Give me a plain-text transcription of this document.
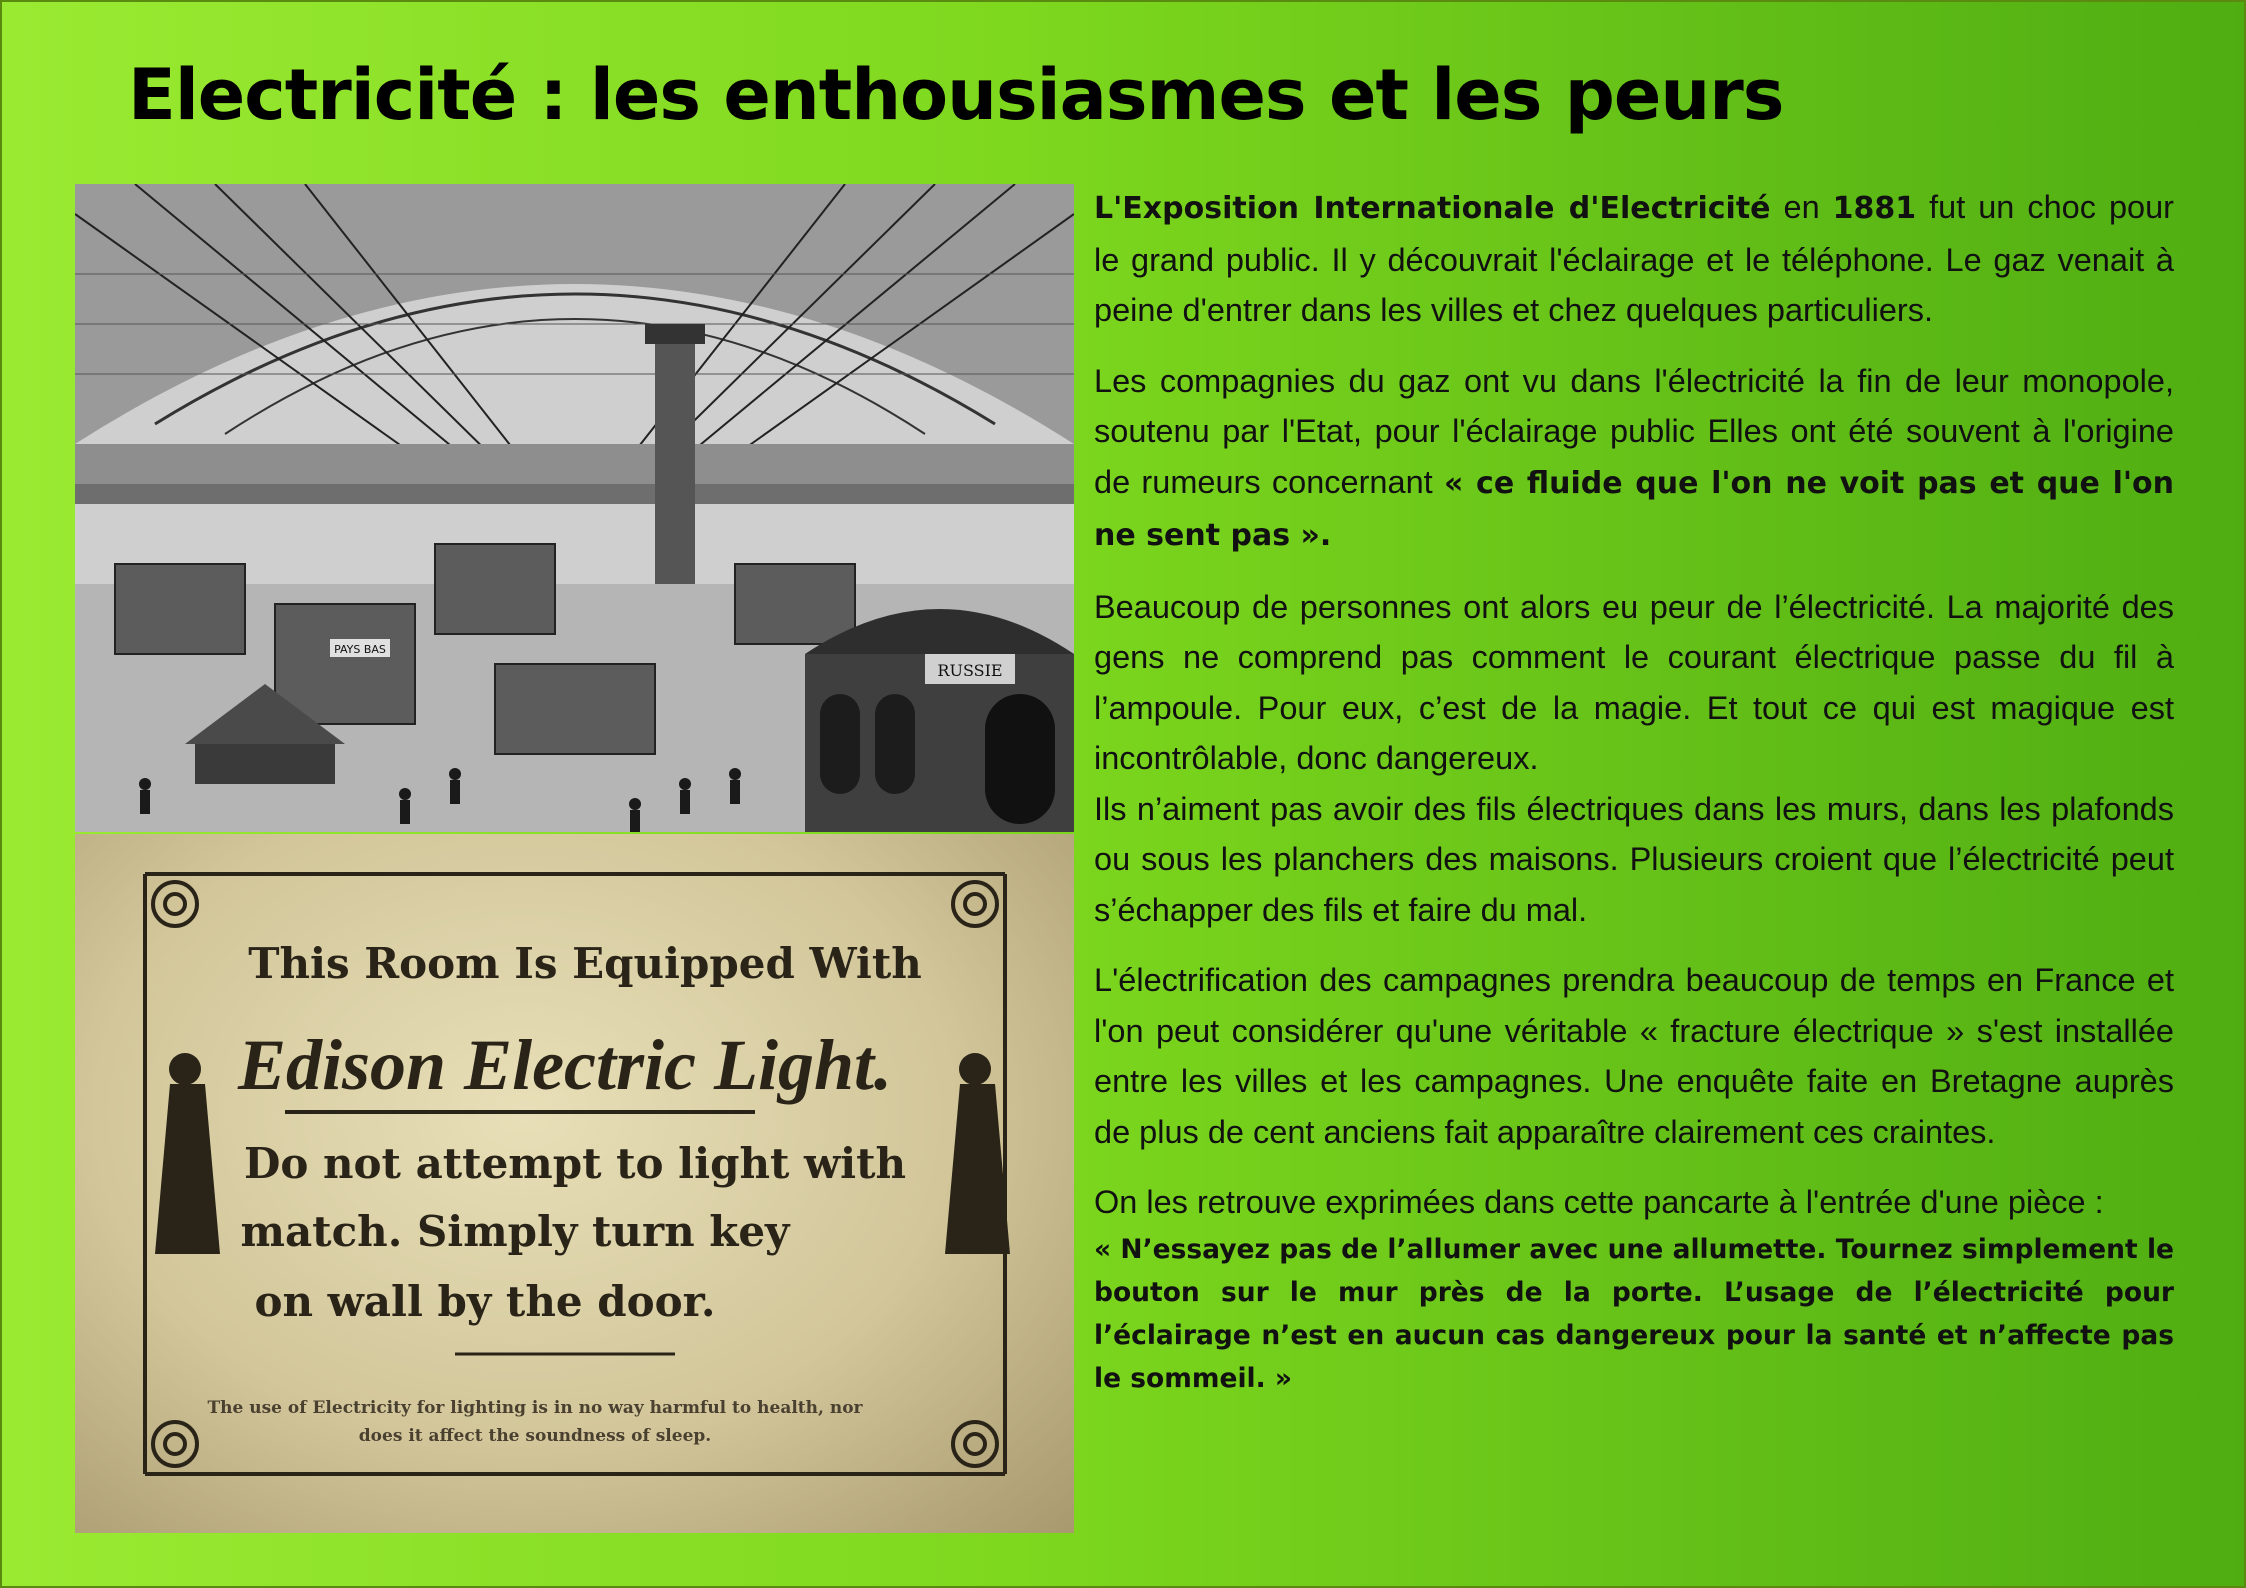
Electricité : les enthousiasmes et les peurs
RUSSIE
PAYS BAS
This Room Is Equipped With
Edison Electric Light.
Do not attempt to light with
match. Simply turn key
on wall by the door.
The use of Electricity for lighting is in no way harmful to health, nor does it affect the soundness of sleep.

L'Exposition Internationale d'Electricité en 1881 fut un choc pour le grand public. Il y découvrait l'éclairage et le téléphone. Le gaz venait à peine d'entrer dans les villes et chez quelques particuliers.

Les compagnies du gaz ont vu dans l'électricité la fin de leur monopole, soutenu par l'Etat, pour l'éclairage public Elles ont été souvent à l'origine de rumeurs concernant « ce fluide que l'on ne voit pas et que l'on ne sent pas ».

Beaucoup de personnes ont alors eu peur de l’électricité. La majorité des gens ne comprend pas comment le courant électrique passe du fil à l’ampoule. Pour eux, c’est de la magie. Et tout ce qui est magique est incontrôlable, donc dangereux.

Ils n’aiment pas avoir des fils électriques dans les murs, dans les plafonds ou sous les planchers des maisons. Plusieurs croient que l’électricité peut s’échapper des fils et faire du mal.

L'électrification des campagnes prendra beaucoup de temps en France et l'on peut considérer qu'une véritable « fracture électrique » s'est installée entre les villes et les campagnes. Une enquête faite en Bretagne auprès de plus de cent anciens fait apparaître clairement ces craintes.

On les retrouve exprimées dans cette pancarte à l'entrée d'une pièce :

« N’essayez pas de l’allumer avec une allumette. Tournez simplement le bouton sur le mur près de la porte. L’usage de l’électricité pour l’éclairage n’est en aucun cas dangereux pour la santé et n’affecte pas le sommeil. »
